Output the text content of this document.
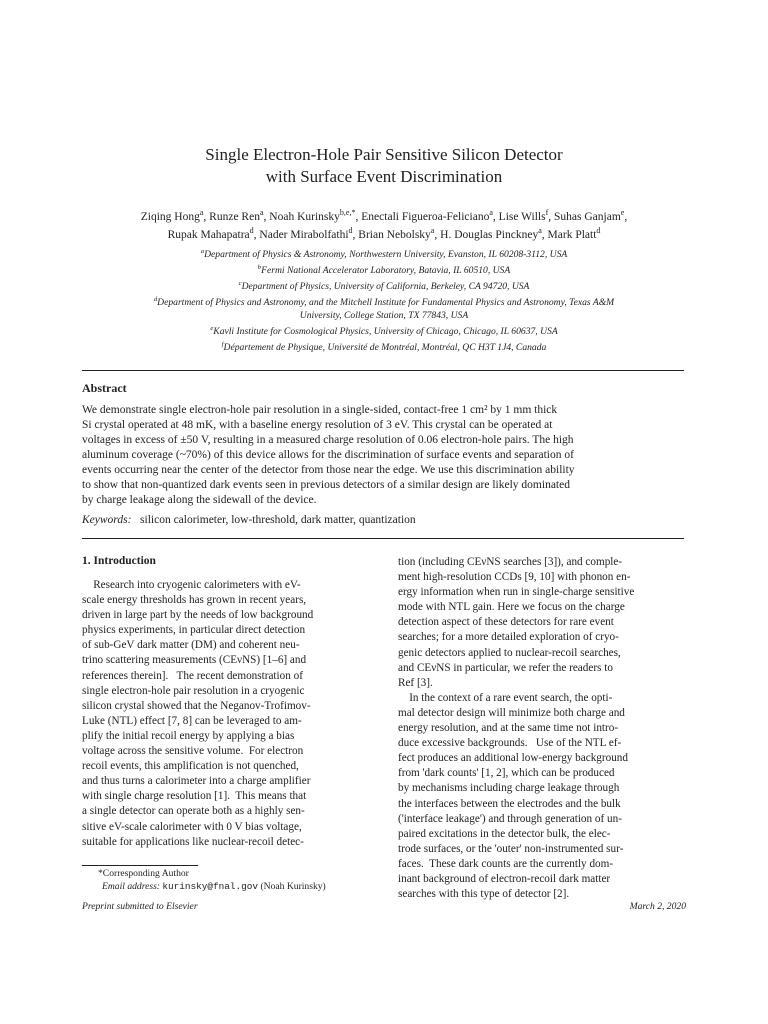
Single Electron-Hole Pair Sensitive Silicon Detector
with Surface Event Discrimination
Ziqing Hong$^a$, Runze Ren$^a$, Noah Kurinsky$^{b,e,*}$, Enectali Figueroa-Feliciano$^a$, Lise Wills$^f$, Suhas Ganjam$^e$,
Rupak Mahapatra$^d$, Nader Mirabolfathi$^d$, Brian Nebolsky$^a$, H. Douglas Pinckney$^a$, Mark Platt$^d$
$^a$Department of Physics & Astronomy, Northwestern University, Evanston, IL 60208-3112, USA
$^b$Fermi National Accelerator Laboratory, Batavia, IL 60510, USA
$^c$Department of Physics, University of California, Berkeley, CA 94720, USA
$^d$Department of Physics and Astronomy, and the Mitchell Institute for Fundamental Physics and Astronomy, Texas A&M
University, College Station, TX 77843, USA
$^e$Kavli Institute for Cosmological Physics, University of Chicago, Chicago, IL 60637, USA
$^f$Département de Physique, Université de Montréal, Montréal, QC H3T 1J4, Canada
Abstract
We demonstrate single electron-hole pair resolution in a single-sided, contact-free 1 cm² by 1 mm thick
Si crystal operated at 48 mK, with a baseline energy resolution of 3 eV. This crystal can be operated at
voltages in excess of ±50 V, resulting in a measured charge resolution of 0.06 electron-hole pairs. The high
aluminum coverage (~70%) of this device allows for the discrimination of surface events and separation of
events occurring near the center of the detector from those near the edge. We use this discrimination ability
to show that non-quantized dark events seen in previous detectors of a similar design are likely dominated
by charge leakage along the sidewall of the device.
Keywords: silicon calorimeter, low-threshold, dark matter, quantization
1. Introduction
Research into cryogenic calorimeters with eV-
scale energy thresholds has grown in recent years,
driven in large part by the needs of low background
physics experiments, in particular direct detection
of sub-GeV dark matter (DM) and coherent neu-
trino scattering measurements (CEνNS) [1–6] and
references therein].   The recent demonstration of
single electron-hole pair resolution in a cryogenic
silicon crystal showed that the Neganov-Trofimov-
Luke (NTL) effect [7, 8] can be leveraged to am-
plify the initial recoil energy by applying a bias
voltage across the sensitive volume.  For electron
recoil events, this amplification is not quenched,
and thus turns a calorimeter into a charge amplifier
with single charge resolution [1].  This means that
a single detector can operate both as a highly sen-
sitive eV-scale calorimeter with 0 V bias voltage,
suitable for applications like nuclear-recoil detec-
tion (including CEνNS searches [3]), and comple-
ment high-resolution CCDs [9, 10] with phonon en-
ergy information when run in single-charge sensitive
mode with NTL gain. Here we focus on the charge
detection aspect of these detectors for rare event
searches; for a more detailed exploration of cryo-
genic detectors applied to nuclear-recoil searches,
and CEνNS in particular, we refer the readers to
Ref [3].
In the context of a rare event search, the opti-
mal detector design will minimize both charge and
energy resolution, and at the same time not intro-
duce excessive backgrounds.   Use of the NTL ef-
fect produces an additional low-energy background
from 'dark counts' [1, 2], which can be produced
by mechanisms including charge leakage through
the interfaces between the electrodes and the bulk
('interface leakage') and through generation of un-
paired excitations in the detector bulk, the elec-
trode surfaces, or the 'outer' non-instrumented sur-
faces.  These dark counts are the currently dom-
inant background of electron-recoil dark matter
searches with this type of detector [2].
*Corresponding Author
Email address: kurinsky@fnal.gov (Noah Kurinsky)
Preprint submitted to Elsevier	March 2, 2020
